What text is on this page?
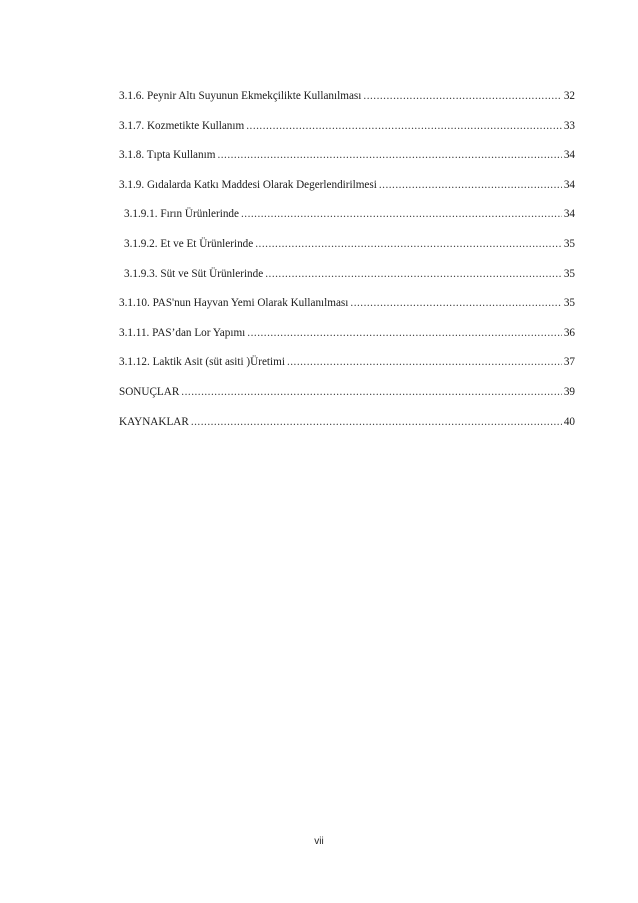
3.1.6. Peynir Altı Suyunun Ekmekçilikte Kullanılması .....	32
3.1.7. Kozmetikte Kullanım .....	33
3.1.8. Tıpta Kullanım .....	34
3.1.9. Gıdalarda Katkı Maddesi Olarak Degerlendirilmesi .....	34
3.1.9.1. Fırın Ürünlerinde .....	34
3.1.9.2. Et ve Et Ürünlerinde .....	35
3.1.9.3. Süt ve Süt Ürünlerinde .....	35
3.1.10. PAS'nun Hayvan Yemi Olarak Kullanılması .....	35
3.1.11. PAS’dan Lor Yapımı .....	36
3.1.12. Laktik Asit (süt asiti )Üretimi .....	37
SONUÇLAR .....	39
KAYNAKLAR .....	40
vii
